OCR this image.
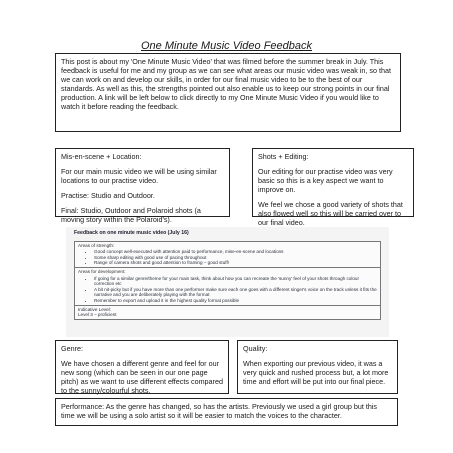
One Minute Music Video Feedback

This post is about my 'One Minute Music Video' that was filmed before the summer break in July. This feedback is useful for me and my group as we can see what areas our music video was weak in, so that we can work on and develop our skills, in order for our final music video to be to the best of our standards. As well as this, the strengths pointed out also enable us to keep our strong points in our final production. A link will be left below to click directly to my One Minute Music Video if you would like to watch it before reading the feedback.

Mis-en-scene + Location:

For our main music video we will be using similar locations to our practise video.

Practise: Studio and Outdoor.

Final: Studio, Outdoor and Polaroid shots (a moving story within the Polaroid's).

Shots + Editing:

Our editing for our practise video was very basic so this is a key aspect we want to improve on.

We feel we chose a good variety of shots that also flowed well so this will be carried over to our final video.

Feedback on one minute music video (July 16)
Areas of strength:
• Good concept well-executed with attention paid to performance, mise-en-scene and locations
• Some sharp editing with good use of pacing throughout
• Range of camera shots and good attention to framing – good stuff!
Areas for development:
• If going for a similar genre/theme for your main task, think about how you can recreate the 'sunny' feel of your shots through colour correction etc
• A bit nit-picky but if you have more than one performer make sure each one goes with a different singer's voice on the track unless it fits the narrative and you are deliberately playing with the format
• Remember to export and upload it in the highest quality format possible
Indicative Level:
Level 3 – proficient

Genre:

We have chosen a different genre and feel for our new song (which can be seen in our one page pitch) as we want to use different effects compared to the sunny/colourful shots.

Quality:

When exporting our previous video, it was a very quick and rushed process but, a lot more time and effort will be put into our final piece.

Performance: As the genre has changed, so has the artists. Previously we used a girl group but this time we will be using a solo artist so it will be easier to match the voices to the character.
